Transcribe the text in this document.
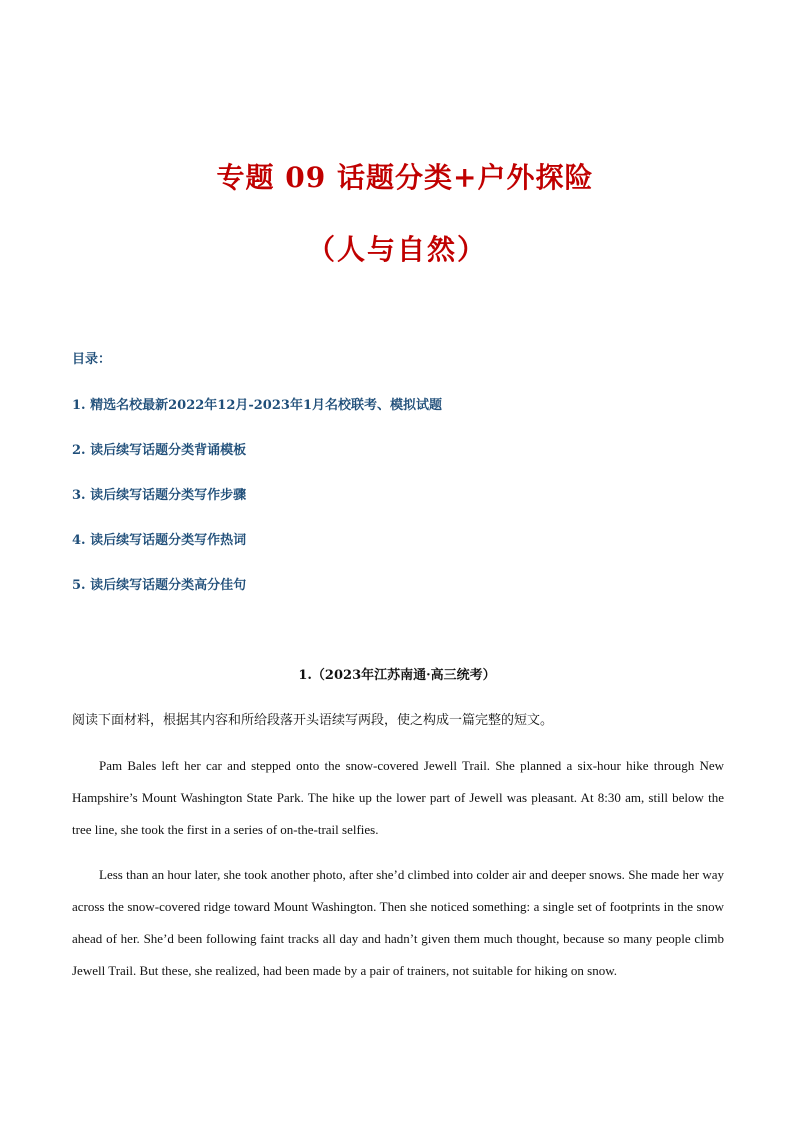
专题 09 话题分类+户外探险
（人与自然）
目录：
1. 精选名校最新2022年12月-2023年1月名校联考、模拟试题
2. 读后续写话题分类背诵模板
3. 读后续写话题分类写作步骤
4. 读后续写话题分类写作热词
5. 读后续写话题分类高分佳句
1.（2023年江苏南通·高三统考）
阅读下面材料，根据其内容和所给段落开头语续写两段，使之构成一篇完整的短文。

Pam Bales left her car and stepped onto the snow-covered Jewell Trail. She planned a six-hour hike through New Hampshire’s Mount Washington State Park. The hike up the lower part of Jewell was pleasant. At 8:30 am, still below the tree line, she took the first in a series of on-the-trail selfies.

Less than an hour later, she took another photo, after she’d climbed into colder air and deeper snows. She made her way across the snow-covered ridge toward Mount Washington. Then she noticed something: a single set of footprints in the snow ahead of her. She’d been following faint tracks all day and hadn’t given them much thought, because so many people climb Jewell Trail. But these, she realized, had been made by a pair of trainers, not suitable for hiking on snow.
